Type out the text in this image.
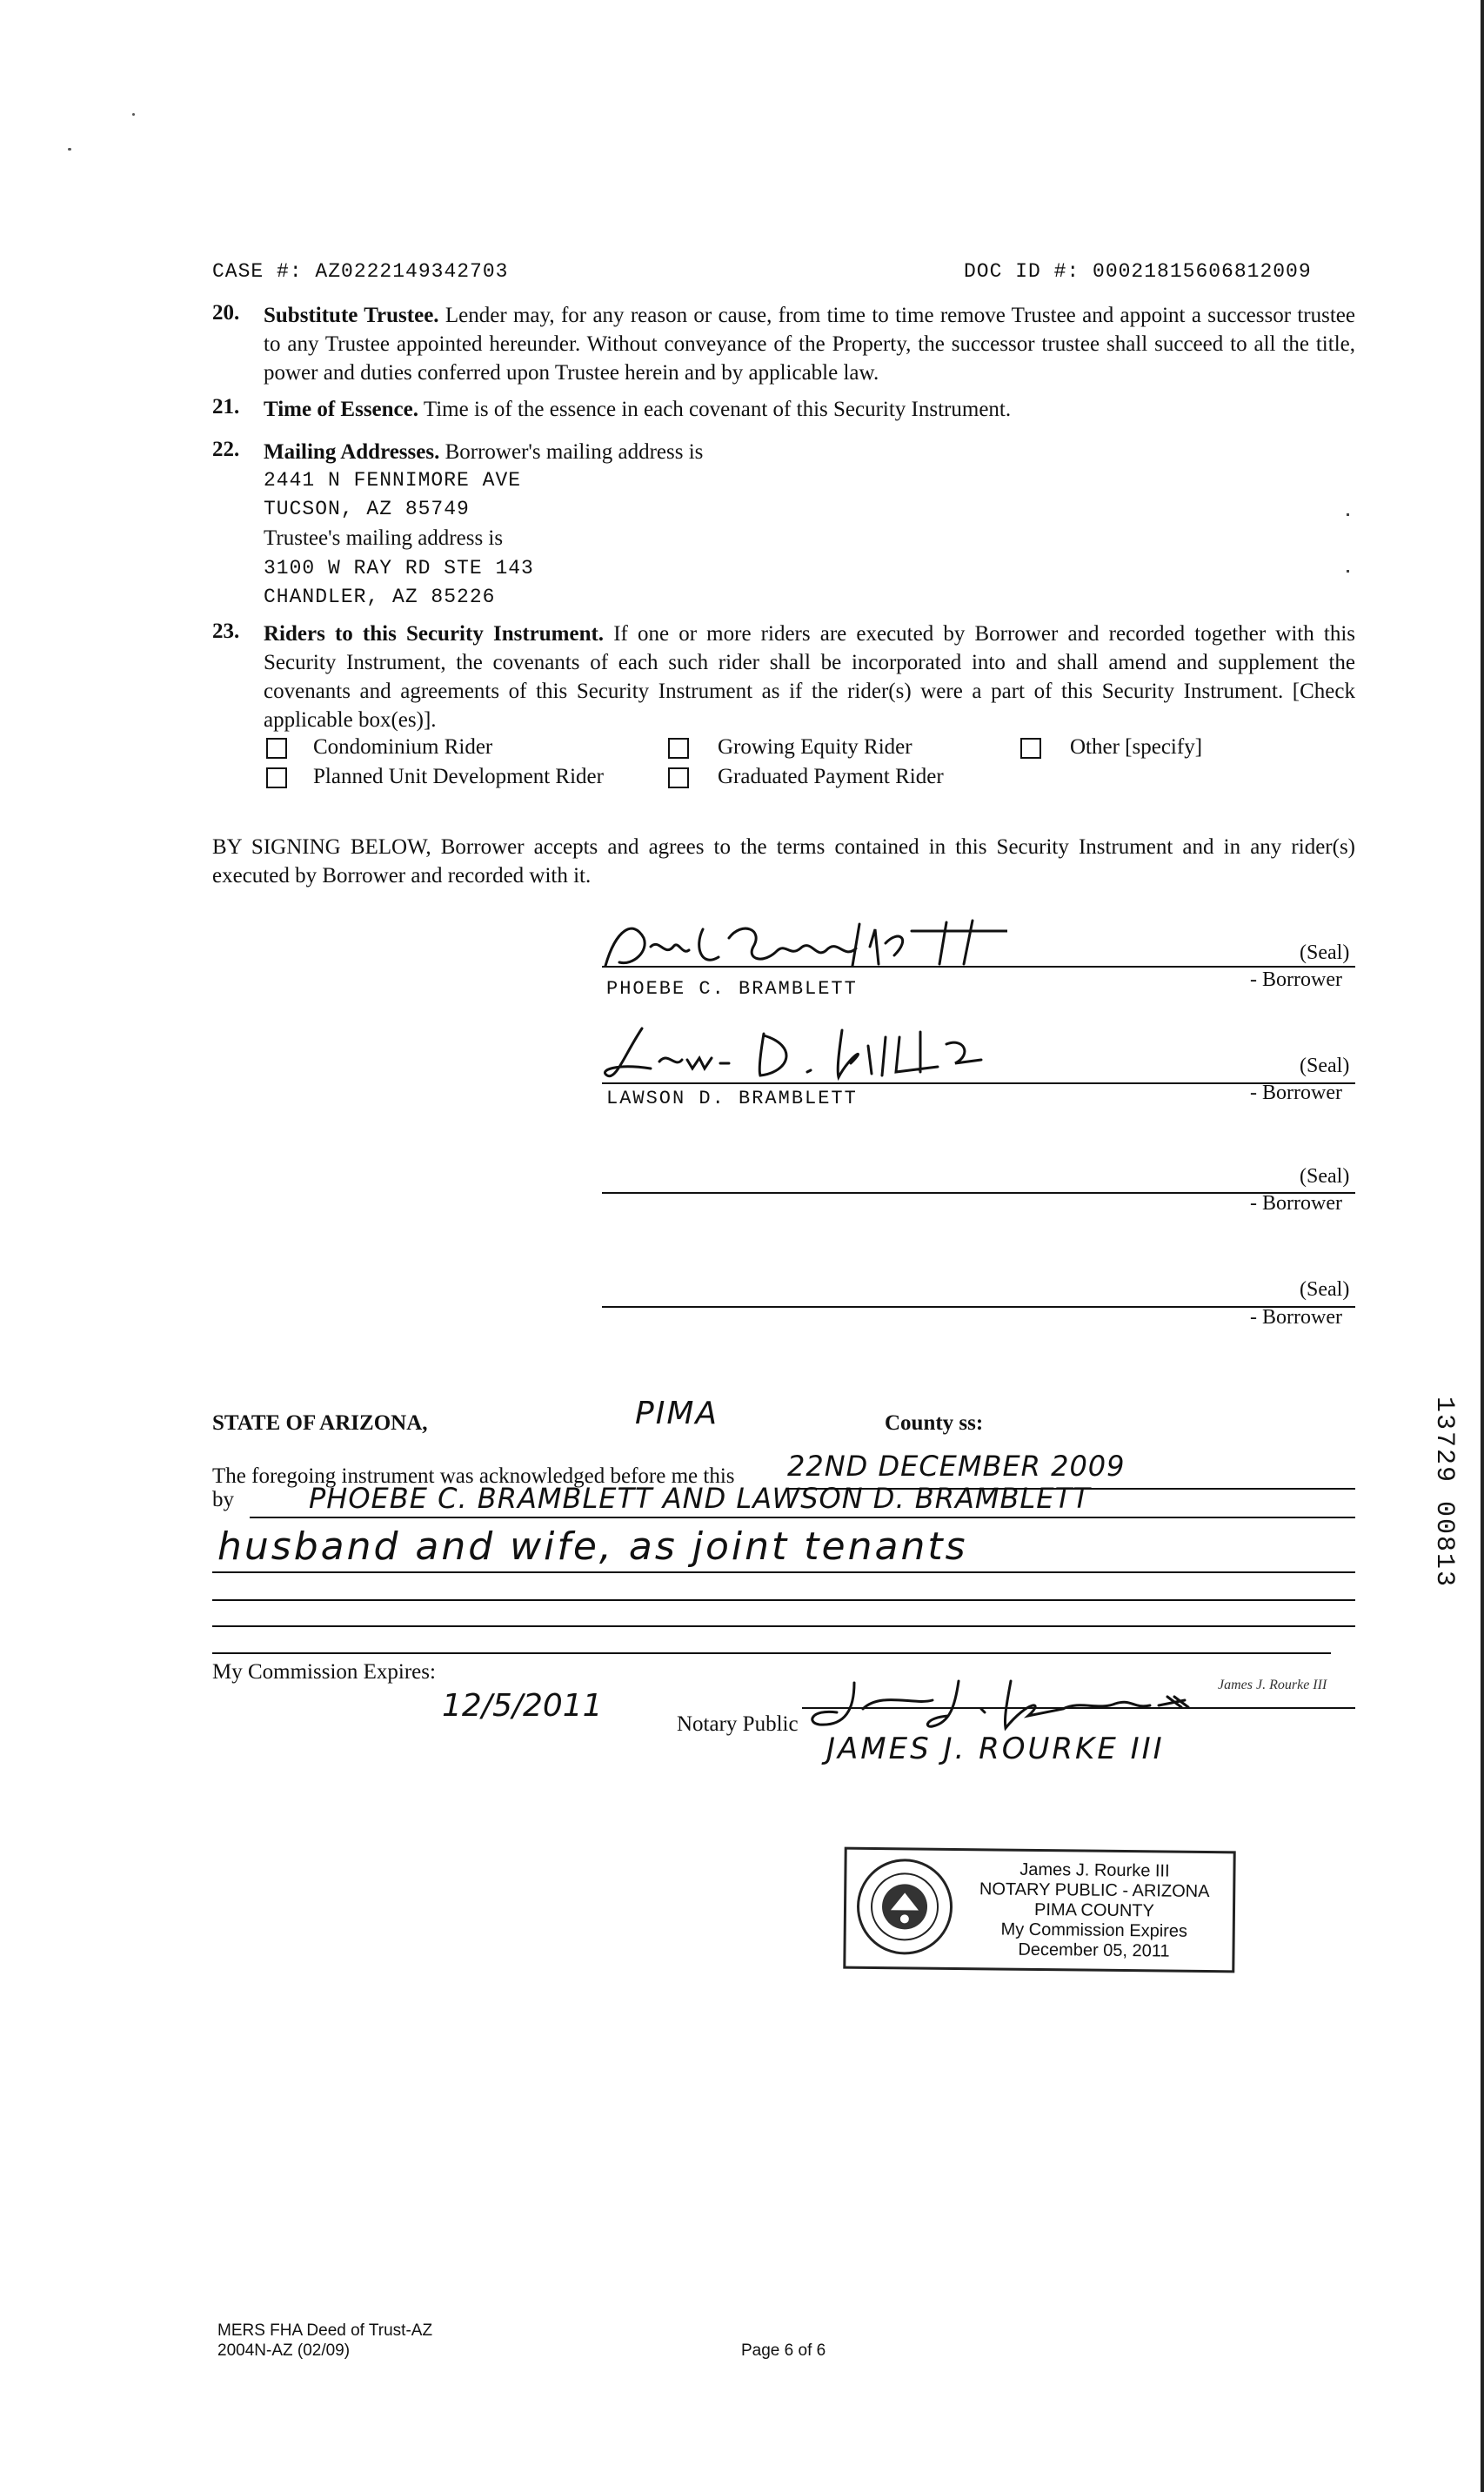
CASE #: AZ0222149342703	DOC ID #: 00021815606812009
20. Substitute Trustee. Lender may, for any reason or cause, from time to time remove Trustee and appoint a successor trustee to any Trustee appointed hereunder. Without conveyance of the Property, the successor trustee shall succeed to all the title, power and duties conferred upon Trustee herein and by applicable law.
21. Time of Essence. Time is of the essence in each covenant of this Security Instrument.
22. Mailing Addresses. Borrower's mailing address is
2441 N FENNIMORE AVE
TUCSON, AZ 85749
Trustee's mailing address is
3100 W RAY RD STE 143
CHANDLER, AZ 85226
23. Riders to this Security Instrument. If one or more riders are executed by Borrower and recorded together with this Security Instrument, the covenants of each such rider shall be incorporated into and shall amend and supplement the covenants and agreements of this Security Instrument as if the rider(s) were a part of this Security Instrument. [Check applicable box(es)].
Condominium Rider	Growing Equity Rider	Other [specify]
Planned Unit Development Rider	Graduated Payment Rider
BY SIGNING BELOW, Borrower accepts and agrees to the terms contained in this Security Instrument and in any rider(s) executed by Borrower and recorded with it.
(Seal)
PHOEBE C. BRAMBLETT	- Borrower
(Seal)
LAWSON D. BRAMBLETT	- Borrower
(Seal)
- Borrower
(Seal)
- Borrower
STATE OF ARIZONA,	PIMA	County ss:
The foregoing instrument was acknowledged before me this 22ND DECEMBER 2009
by	PHOEBE C. BRAMBLETT AND LAWSON D. BRAMBLETT
husband and wife, as joint tenants
My Commission Expires:
12/5/2011
Notary Public
JAMES J. ROURKE III
James J. Rourke III
James J. Rourke III
NOTARY PUBLIC - ARIZONA
PIMA COUNTY
My Commission Expires
December 05, 2011
13729 00813
MERS FHA Deed of Trust-AZ
2004N-AZ (02/09)	Page 6 of 6
